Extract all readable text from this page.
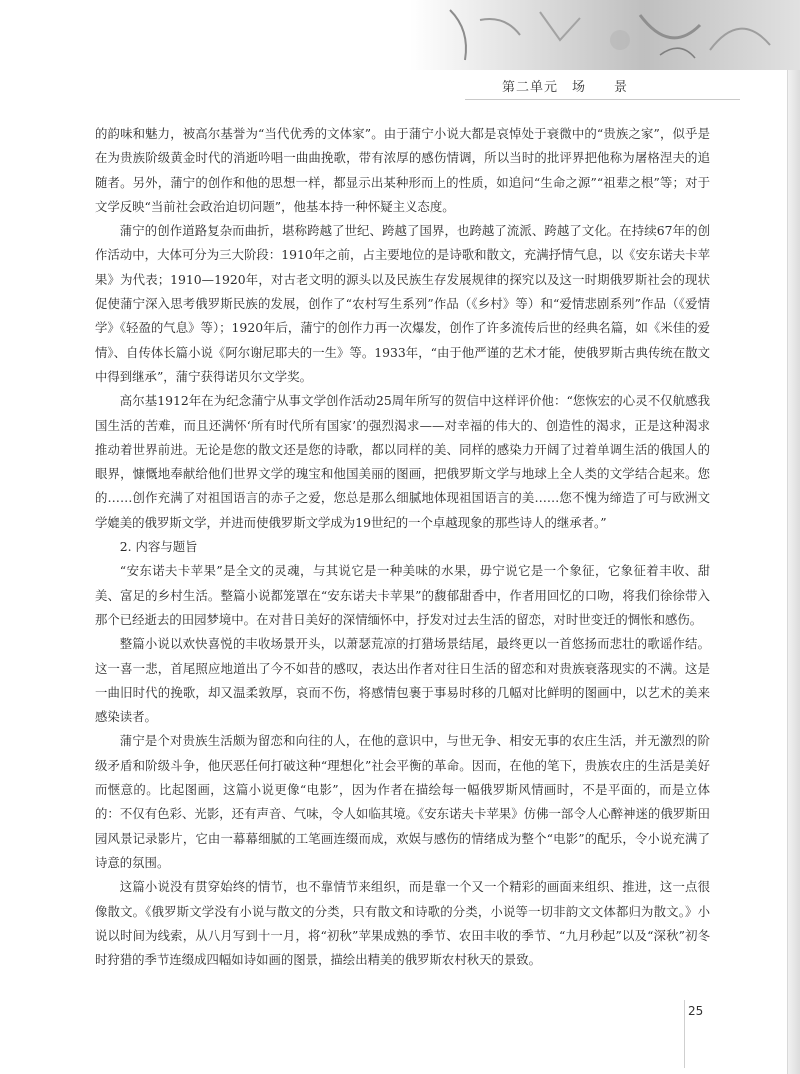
第二单元　场　　景

的韵味和魅力，被高尔基誉为“当代优秀的文体家”。由于蒲宁小说大都是哀悼处于衰微中的“贵族之家”，似乎是在为贵族阶级黄金时代的消逝吟唱一曲曲挽歌，带有浓厚的感伤情调，所以当时的批评界把他称为屠格涅夫的追随者。另外，蒲宁的创作和他的思想一样，都显示出某种形而上的性质，如追问“生命之源”“祖辈之根”等；对于文学反映“当前社会政治迫切问题”，他基本持一种怀疑主义态度。

蒲宁的创作道路复杂而曲折，堪称跨越了世纪、跨越了国界，也跨越了流派、跨越了文化。在持续67年的创作活动中，大体可分为三大阶段：1910年之前，占主要地位的是诗歌和散文，充满抒情气息，以《安东诺夫卡苹果》为代表；1910—1920年，对古老文明的源头以及民族生存发展规律的探究以及这一时期俄罗斯社会的现状促使蒲宁深入思考俄罗斯民族的发展，创作了“农村写生系列”作品（《乡村》等）和“爱情悲剧系列”作品（《爱情学》《轻盈的气息》等）；1920年后，蒲宁的创作力再一次爆发，创作了许多流传后世的经典名篇，如《米佳的爱情》、自传体长篇小说《阿尔谢尼耶夫的一生》等。1933年，“由于他严谨的艺术才能，使俄罗斯古典传统在散文中得到继承”，蒲宁获得诺贝尔文学奖。

高尔基1912年在为纪念蒲宁从事文学创作活动25周年所写的贺信中这样评价他：“您恢宏的心灵不仅航感我国生活的苦难，而且还满怀‘所有时代所有国家’的强烈渴求——对幸福的伟大的、创造性的渴求，正是这种渴求推动着世界前进。无论是您的散文还是您的诗歌，都以同样的美、同样的感染力开阔了过着单调生活的俄国人的眼界，慷慨地奉献给他们世界文学的瑰宝和他国美丽的图画，把俄罗斯文学与地球上全人类的文学结合起来。您的……创作充满了对祖国语言的赤子之爱，您总是那么细腻地体现祖国语言的美……您不愧为缔造了可与欧洲文学媲美的俄罗斯文学，并进而使俄罗斯文学成为19世纪的一个卓越现象的那些诗人的继承者。”

2. 内容与题旨

“安东诺夫卡苹果”是全文的灵魂，与其说它是一种美味的水果，毋宁说它是一个象征，它象征着丰收、甜美、富足的乡村生活。整篇小说都笼罩在“安东诺夫卡苹果”的馥郁甜香中，作者用回忆的口吻，将我们徐徐带入那个已经逝去的田园梦境中。在对昔日美好的深情缅怀中，抒发对过去生活的留恋，对时世变迁的惆怅和感伤。

整篇小说以欢快喜悦的丰收场景开头，以萧瑟荒凉的打猎场景结尾，最终更以一首悠扬而悲壮的歌谣作结。这一喜一悲，首尾照应地道出了今不如昔的感叹，表达出作者对往日生活的留恋和对贵族衰落现实的不满。这是一曲旧时代的挽歌，却又温柔敦厚，哀而不伤，将感情包裹于事易时移的几幅对比鲜明的图画中，以艺术的美来感染读者。

蒲宁是个对贵族生活颇为留恋和向往的人，在他的意识中，与世无争、相安无事的农庄生活，并无激烈的阶级矛盾和阶级斗争，他厌恶任何打破这种“理想化”社会平衡的革命。因而，在他的笔下，贵族农庄的生活是美好而惬意的。比起图画，这篇小说更像“电影”，因为作者在描绘每一幅俄罗斯风情画时，不是平面的，而是立体的：不仅有色彩、光影，还有声音、气味，令人如临其境。《安东诺夫卡苹果》仿佛一部令人心醉神迷的俄罗斯田园风景记录影片，它由一幕幕细腻的工笔画连缀而成，欢娱与感伤的情绪成为整个“电影”的配乐，令小说充满了诗意的氛围。

这篇小说没有贯穿始终的情节，也不靠情节来组织，而是靠一个又一个精彩的画面来组织、推进，这一点很像散文。《俄罗斯文学没有小说与散文的分类，只有散文和诗歌的分类，小说等一切非韵文文体都归为散文。》小说以时间为线索，从八月写到十一月，将“初秋”苹果成熟的季节、农田丰收的季节、“九月秒起”以及“深秋”初冬时狩猎的季节连缀成四幅如诗如画的图景，描绘出精美的俄罗斯农村秋天的景致。

25
